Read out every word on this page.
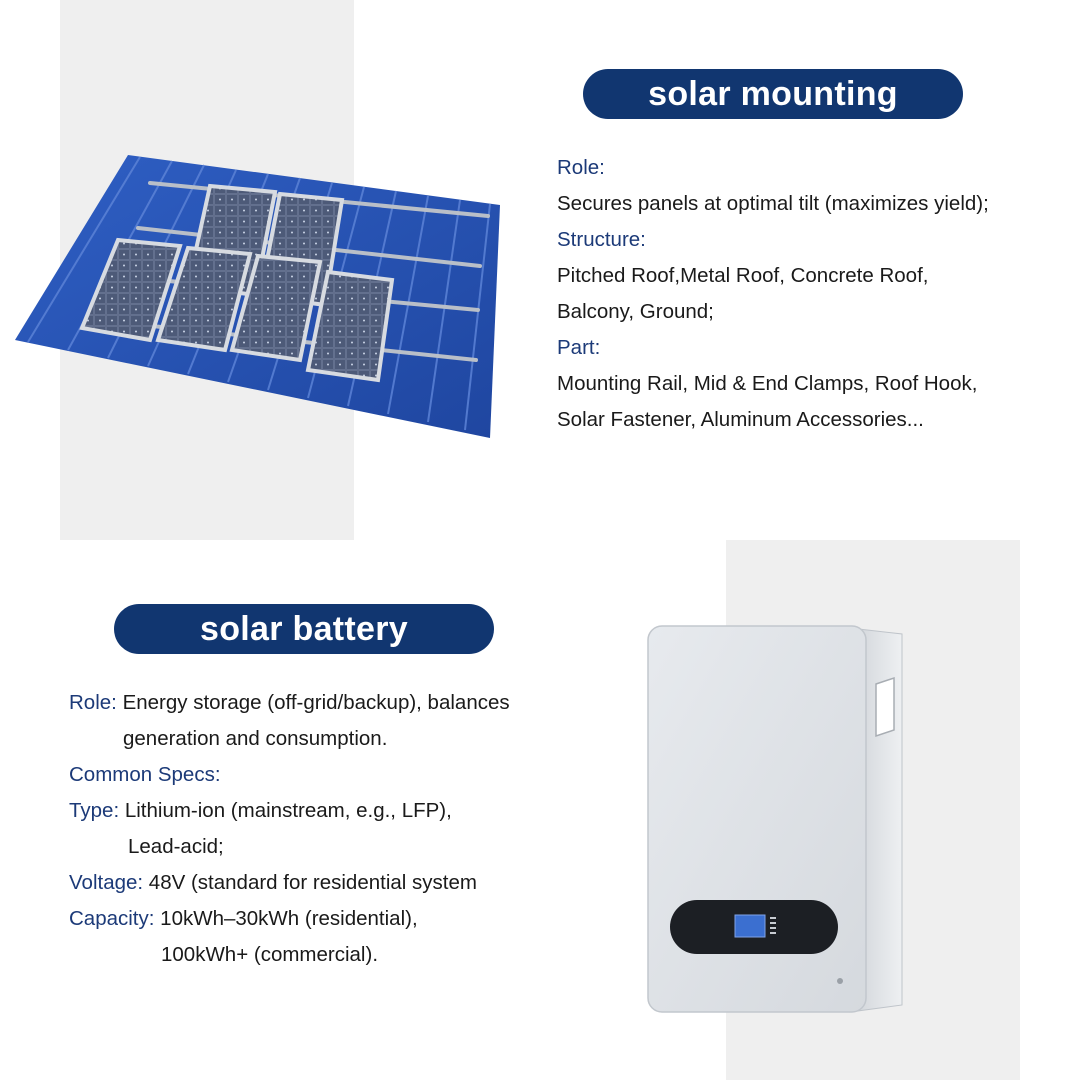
solar mounting
Role:
Secures panels at optimal tilt (maximizes yield);
Structure:
Pitched Roof,Metal Roof, Concrete Roof,
Balcony, Ground;
Part:
Mounting Rail, Mid & End Clamps, Roof Hook,
Solar Fastener, Aluminum Accessories...
solar battery
Role: Energy storage (off-grid/backup), balances
generation and consumption.
Common Specs:
Type: Lithium-ion (mainstream, e.g., LFP),
Lead-acid;
Voltage: 48V (standard for residential system
Capacity: 10kWh–30kWh (residential),
100kWh+ (commercial).
